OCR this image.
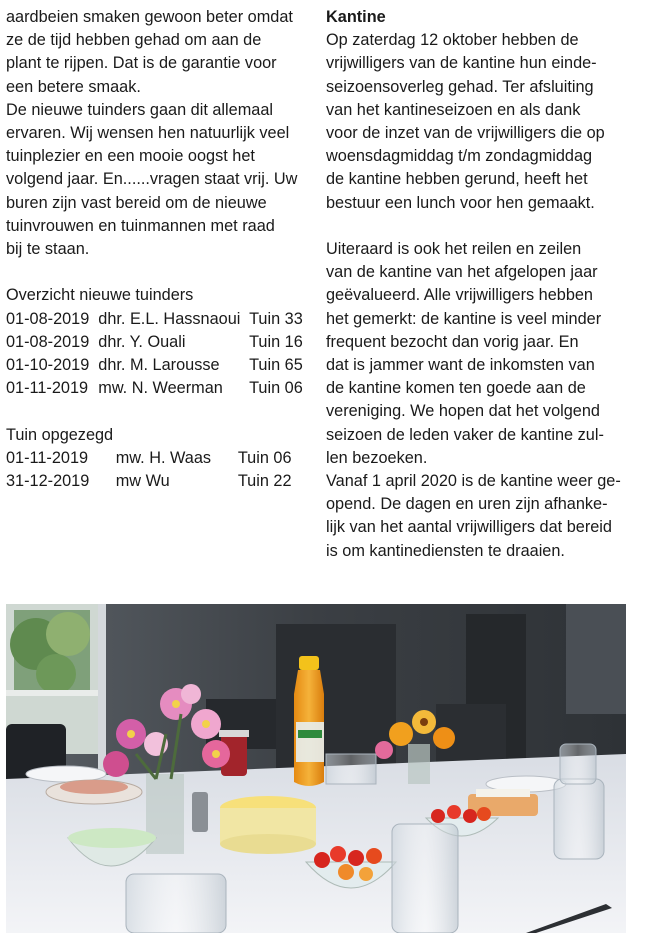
aardbeien smaken gewoon beter omdat
ze de tijd hebben gehad om aan de
plant te rijpen. Dat is de garantie voor
een betere smaak.
De nieuwe tuinders gaan dit allemaal
ervaren. Wij wensen hen natuurlijk veel
tuinplezier en een mooie oogst het
volgend jaar. En......vragen staat vrij. Uw
buren zijn vast bereid om de nieuwe
tuinvrouwen en tuinmannen met raad
bij te staan.
Overzicht nieuwe tuinders
01-08-2019	dhr. E.L. Hassnaoui	Tuin 33
01-08-2019	dhr. Y. Ouali	Tuin 16
01-10-2019	dhr. M. Larousse	Tuin 65
01-11-2019	mw. N. Weerman	Tuin 06
Tuin opgezegd
01-11-2019	mw. H. Waas	Tuin 06
31-12-2019	mw Wu	Tuin 22
Kantine
Op zaterdag 12 oktober hebben de
vrijwilligers van de kantine hun einde-
seizoensoverleg gehad. Ter afsluiting
van het kantineseizoen en als dank
voor de inzet van de vrijwilligers die op
woensdagmiddag t/m zondagmiddag
de kantine hebben gerund, heeft het
bestuur een lunch voor hen gemaakt.
Uiteraard is ook het reilen en zeilen
van de kantine van het afgelopen jaar
geëvalueerd. Alle vrijwilligers hebben
het gemerkt: de kantine is veel minder
frequent bezocht dan vorig jaar. En
dat is jammer want de inkomsten van
de kantine komen ten goede aan de
vereniging. We hopen dat het volgend
seizoen de leden vaker de kantine zul-
len bezoeken.
Vanaf 1 april 2020 is de kantine weer ge-
opend. De dagen en uren zijn afhanke-
lijk van het aantal vrijwilligers dat bereid
is om kantinediensten te draaien.
